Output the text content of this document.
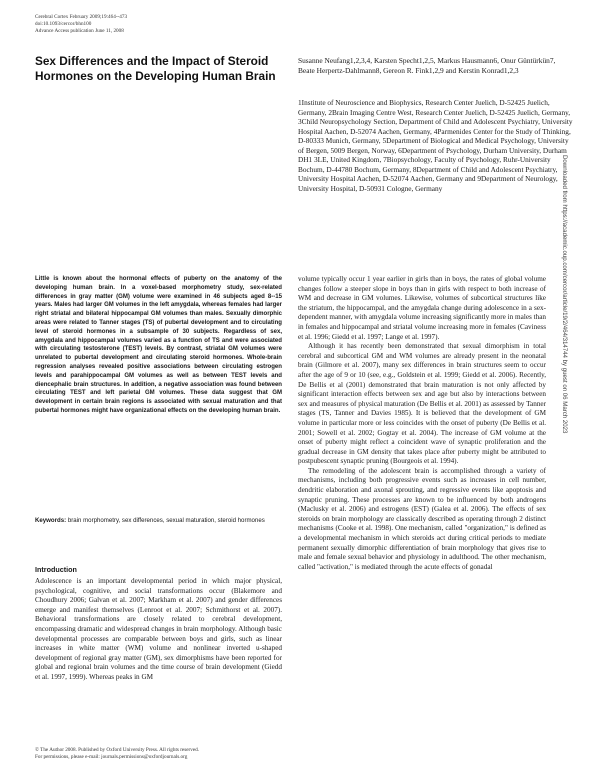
Cerebral Cortex February 2009;19:464--473
doi:10.1093/cercor/bhn100
Advance Access publication June 11, 2008
Sex Differences and the Impact of Steroid Hormones on the Developing Human Brain
Susanne Neufang1,2,3,4, Karsten Specht1,2,5, Markus Hausmann6, Onur Güntürkün7, Beate Herpertz-Dahlmann8, Gereon R. Fink1,2,9 and Kerstin Konrad1,2,3
1Institute of Neuroscience and Biophysics, Research Center Juelich, D-52425 Juelich, Germany, 2Brain Imaging Centre West, Research Center Juelich, D-52425 Juelich, Germany, 3Child Neuropsychology Section, Department of Child and Adolescent Psychiatry, University Hospital Aachen, D-52074 Aachen, Germany, 4Parmenides Center for the Study of Thinking, D-80333 Munich, Germany, 5Department of Biological and Medical Psychology, University of Bergen, 5009 Bergen, Norway, 6Department of Psychology, Durham University, Durham DH1 3LE, United Kingdom, 7Biopsychology, Faculty of Psychology, Ruhr-University Bochum, D-44780 Bochum, Germany, 8Department of Child and Adolescent Psychiatry, University Hospital Aachen, D-52074 Aachen, Germany and 9Department of Neurology, University Hospital, D-50931 Cologne, Germany
Little is known about the hormonal effects of puberty on the anatomy of the developing human brain. In a voxel-based morphometry study, sex-related differences in gray matter (GM) volume were examined in 46 subjects aged 8--15 years. Males had larger GM volumes in the left amygdala, whereas females had larger right striatal and bilateral hippocampal GM volumes than males. Sexually dimorphic areas were related to Tanner stages (TS) of pubertal development and to circulating level of steroid hormones in a subsample of 30 subjects. Regardless of sex, amygdala and hippocampal volumes varied as a function of TS and were associated with circulating testosterone (TEST) levels. By contrast, striatal GM volumes were unrelated to pubertal development and circulating steroid hormones. Whole-brain regression analyses revealed positive associations between circulating estrogen levels and parahippocampal GM volumes as well as between TEST levels and diencephalic brain structures. In addition, a negative association was found between circulating TEST and left parietal GM volumes. These data suggest that GM development in certain brain regions is associated with sexual maturation and that pubertal hormones might have organizational effects on the developing human brain.
Keywords: brain morphometry, sex differences, sexual maturation, steroid hormones
Introduction
Adolescence is an important developmental period in which major physical, psychological, cognitive, and social transformations occur (Blakemore and Choudhury 2006; Galvan et al. 2007; Markham et al. 2007) and gender differences emerge and manifest themselves (Lenroot et al. 2007; Schmithorst et al. 2007). Behavioral transformations are closely related to cerebral development, encompassing dramatic and widespread changes in brain morphology. Although basic developmental processes are comparable between boys and girls, such as linear increases in white matter (WM) volume and nonlinear inverted u-shaped development of regional gray matter (GM), sex dimorphisms have been reported for global and regional brain volumes and the time course of brain development (Giedd et al. 1997, 1999). Whereas peaks in GM

volume typically occur 1 year earlier in girls than in boys, the rates of global volume changes follow a steeper slope in boys than in girls with respect to both increase of WM and decrease in GM volumes. Likewise, volumes of subcortical structures like the striatum, the hippocampal, and the amygdala change during adolescence in a sex-dependent manner, with amygdala volume increasing significantly more in males than in females and hippocampal and striatal volume increasing more in females (Caviness et al. 1996; Giedd et al. 1997; Lange et al. 1997).

Although it has recently been demonstrated that sexual dimorphism in total cerebral and subcortical GM and WM volumes are already present in the neonatal brain (Gilmore et al. 2007), many sex differences in brain structures seem to occur after the age of 9 or 10 (see, e.g., Goldstein et al. 1999; Giedd et al. 2006). Recently, De Bellis et al (2001) demonstrated that brain maturation is not only affected by significant interaction effects between sex and age but also by interactions between sex and measures of physical maturation (De Bellis et al. 2001) as assessed by Tanner stages (TS, Tanner and Davies 1985). It is believed that the development of GM volume in particular more or less coincides with the onset of puberty (De Bellis et al. 2001; Sowell et al. 2002; Gogtay et al. 2004). The increase of GM volume at the onset of puberty might reflect a coincident wave of synaptic proliferation and the gradual decrease in GM density that takes place after puberty might be attributed to postpubescent synaptic pruning (Bourgeois et al. 1994).

The remodeling of the adolescent brain is accomplished through a variety of mechanisms, including both progressive events such as increases in cell number, dendritic elaboration and axonal sprouting, and regressive events like apoptosis and synaptic pruning. These processes are known to be influenced by both androgens (Maclusky et al. 2006) and estrogens (EST) (Galea et al. 2006). The effects of sex steroids on brain morphology are classically described as operating through 2 distinct mechanisms (Cooke et al. 1998). One mechanism, called "organization," is defined as a developmental mechanism in which steroids act during critical periods to mediate permanent sexually dimorphic differentiation of brain morphology that gives rise to male and female sexual behavior and physiology in adulthood. The other mechanism, called "activation," is mediated through the acute effects of gonadal

© The Author 2008. Published by Oxford University Press. All rights reserved.
For permissions, please e-mail: journals.permissions@oxfordjournals.org
Downloaded from https://academic.oup.com/cercor/article/19/2/464/314744 by guest on 06 March 2023
